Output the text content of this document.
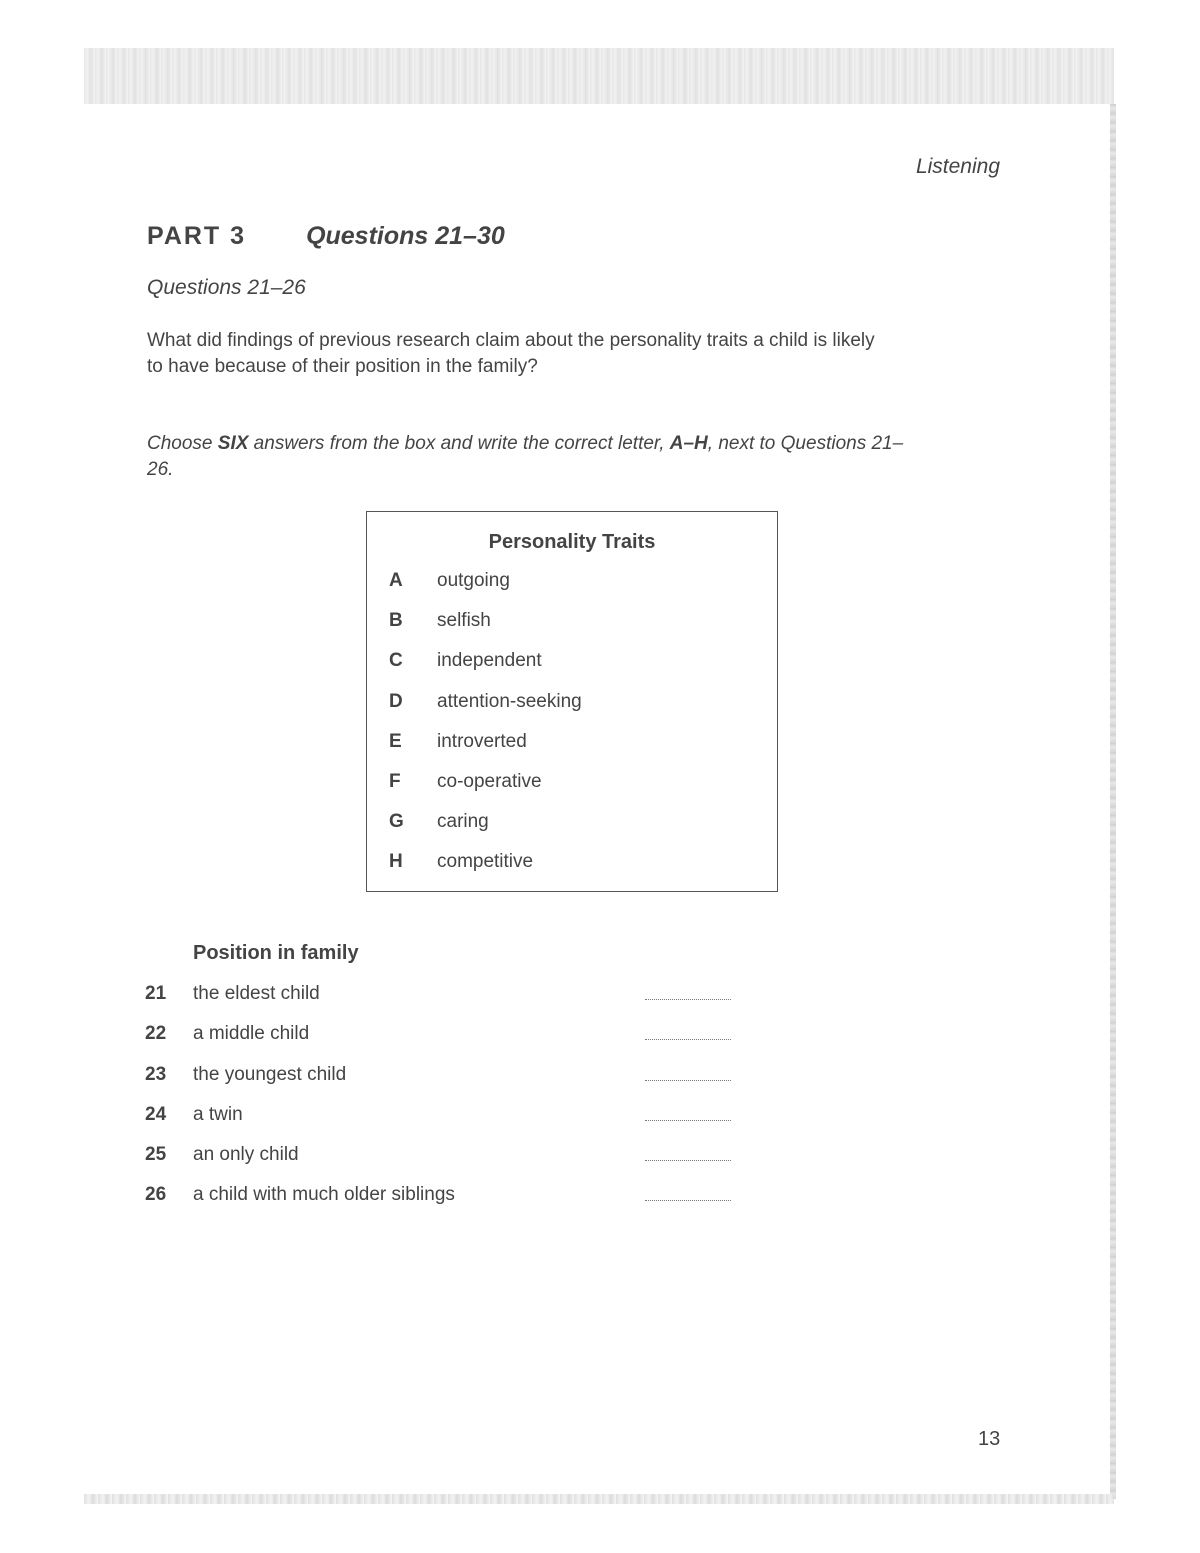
Listening
PART 3 Questions 21–30
Questions 21–26
What did findings of previous research claim about the personality traits a child is likely to have because of their position in the family?
Choose SIX answers from the box and write the correct letter, A–H, next to Questions 21–26.
Personality Traits
A	outgoing
B	selfish
C	independent
D	attention-seeking
E	introverted
F	co-operative
G	caring
H	competitive
Position in family
21	the eldest child
22	a middle child
23	the youngest child
24	a twin
25	an only child
26	a child with much older siblings
13
